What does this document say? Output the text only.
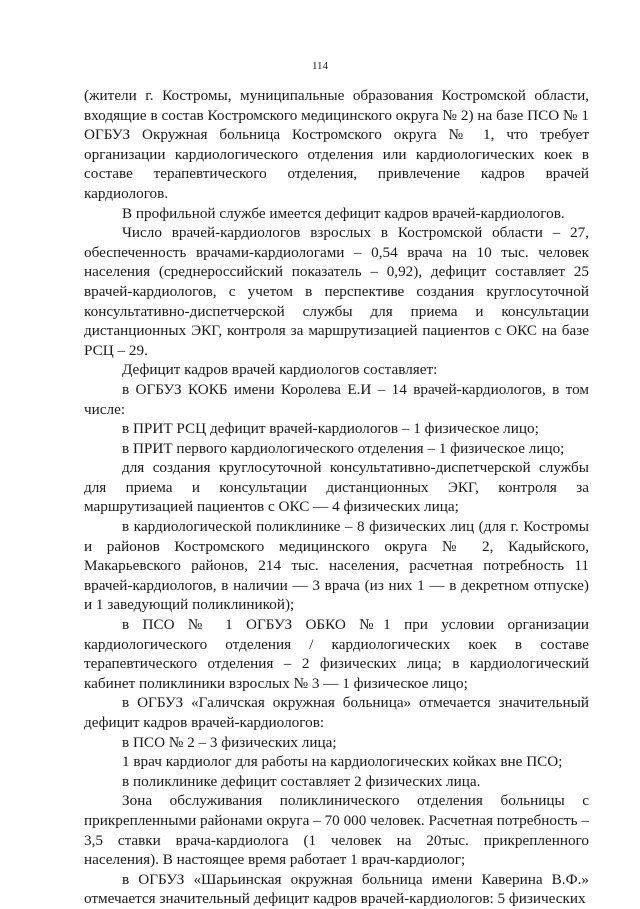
114

(жители г. Костромы, муниципальные образования Костромской области, входящие в состав Костромского медицинского округа № 2) на базе ПСО № 1 ОГБУЗ Окружная больница Костромского округа № 1, что требует организации кардиологического отделения или кардиологических коек в составе терапевтического отделения, привлечение кадров врачей кардиологов.

В профильной службе имеется дефицит кадров врачей-кардиологов.

Число врачей-кардиологов взрослых в Костромской области – 27, обеспеченность врачами-кардиологами – 0,54 врача на 10 тыс. человек населения (среднероссийский показатель – 0,92), дефицит составляет 25 врачей-кардиологов, с учетом в перспективе создания круглосуточной консультативно-диспетчерской службы для приема и консультации дистанционных ЭКГ, контроля за маршрутизацией пациентов с ОКС на базе РСЦ – 29.

Дефицит кадров врачей кардиологов составляет:

в ОГБУЗ КОКБ имени Королева Е.И – 14 врачей-кардиологов, в том числе:

в ПРИТ РСЦ дефицит врачей-кардиологов – 1 физическое лицо;

в ПРИТ первого кардиологического отделения – 1 физическое лицо;

для создания круглосуточной консультативно-диспетчерской службы для приема и консультации дистанционных ЭКГ, контроля за маршрутизацией пациентов с ОКС — 4 физических лица;

в кардиологической поликлинике – 8 физических лиц (для г. Костромы и районов Костромского медицинского округа № 2, Кадыйского, Макарьевского районов, 214 тыс. населения, расчетная потребность 11 врачей-кардиологов, в наличии — 3 врача (из них 1 — в декретном отпуске) и 1 заведующий поликлиникой);

в ПСО № 1 ОГБУЗ ОБКО №1 при условии организации кардиологического отделения / кардиологических коек в составе терапевтического отделения – 2 физических лица; в кардиологический кабинет поликлиники взрослых № 3 — 1 физическое лицо;

в ОГБУЗ «Галичская окружная больница» отмечается значительный дефицит кадров врачей-кардиологов:

в ПСО № 2 – 3 физических лица;

1 врач кардиолог для работы на кардиологических койках вне ПСО;

в поликлинике дефицит составляет 2 физических лица.

Зона обслуживания поликлинического отделения больницы с прикрепленными районами округа – 70 000 человек. Расчетная потребность – 3,5 ставки врача-кардиолога (1 человек на 20тыс. прикрепленного населения). В настоящее время работает 1 врач-кардиолог;

в ОГБУЗ «Шарьинская окружная больница имени Каверина В.Ф.» отмечается значительный дефицит кадров врачей-кардиологов: 5 физических
